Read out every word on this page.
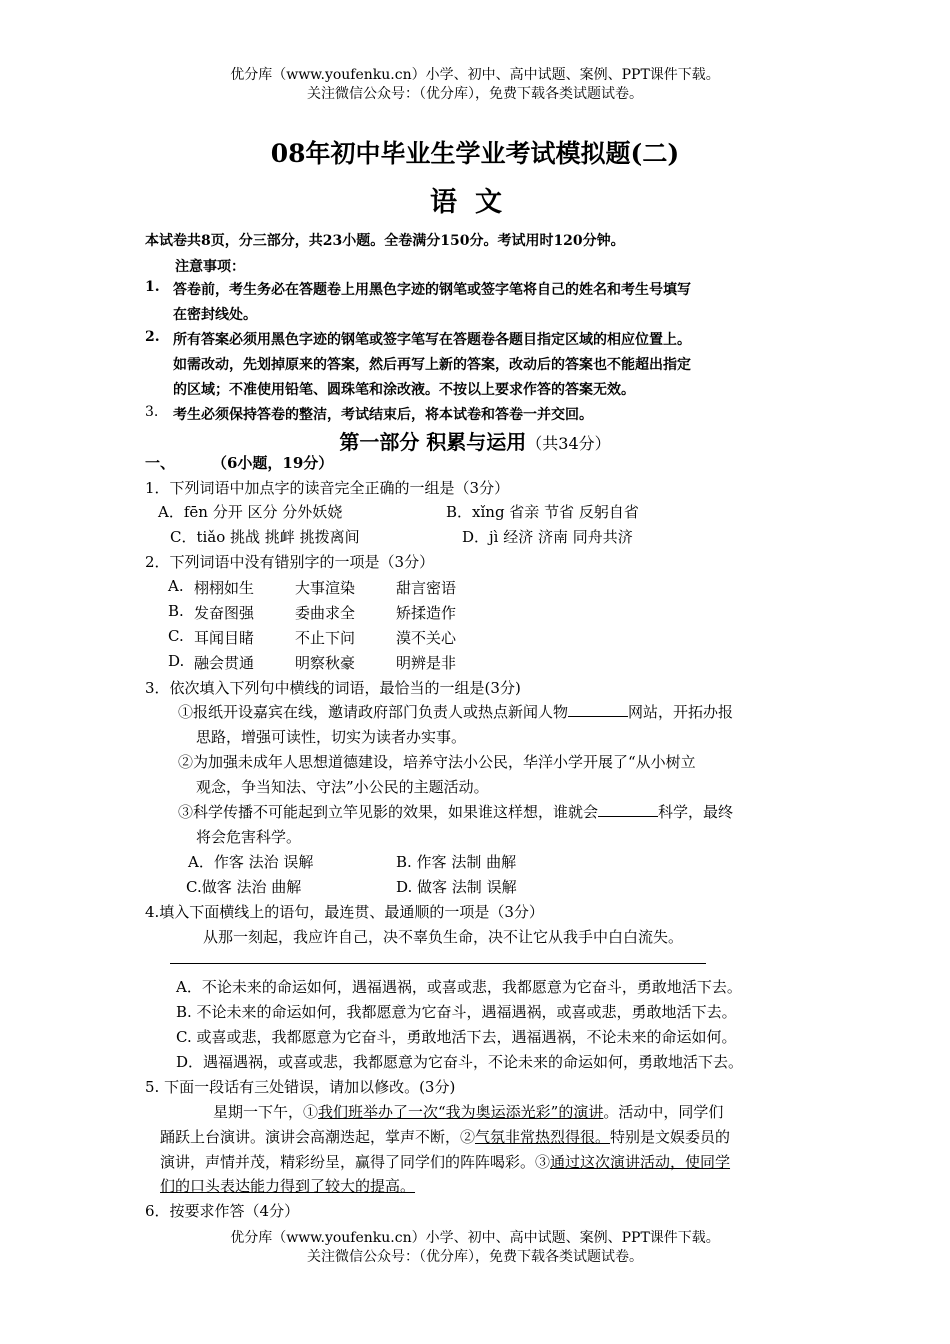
优分库（www.youfenku.cn）小学、初中、高中试题、案例、PPT课件下载。
关注微信公众号：（优分库），免费下载各类试题试卷。
08年初中毕业生学业考试模拟题(二)
语文
本试卷共8页，分三部分，共23小题。全卷满分150分。考试用时120分钟。
注意事项：
1. 答卷前，考生务必在答题卷上用黑色字迹的钢笔或签字笔将自己的姓名和考生号填写
在密封线处。
2. 所有答案必须用黑色字迹的钢笔或签字笔写在答题卷各题目指定区域的相应位置上。
如需改动，先划掉原来的答案，然后再写上新的答案，改动后的答案也不能超出指定
的区域；不准使用铅笔、圆珠笔和涂改液。不按以上要求作答的答案无效。
3. 考生必须保持答卷的整洁，考试结束后，将本试卷和答卷一并交回。
第一部分 积累与运用（共34分）
一、 （6小题，19分）
1．下列词语中加点字的读音完全正确的一组是（3分）
A．fēn 分开 区分 分外妖娆	B．xǐng 省亲 节省 反躬自省
C．tiǎo 挑战 挑衅 挑拨离间	D．jì 经济 济南 同舟共济
2．下列词语中没有错别字的一项是（3分）
A. 栩栩如生	大事渲染	甜言密语
B. 发奋图强	委曲求全	矫揉造作
C. 耳闻目睹	不止下问	漠不关心
D. 融会贯通	明察秋豪	明辨是非
3．依次填入下列句中横线的词语，最恰当的一组是(3分)
①报纸开设嘉宾在线，邀请政府部门负责人或热点新闻人物	网站，开拓办报
思路，增强可读性，切实为读者办实事。
②为加强未成年人思想道德建设，培养守法小公民，华洋小学开展了“从小树立
观念，争当知法、守法”小公民的主题活动。
③科学传播不可能起到立竿见影的效果，如果谁这样想，谁就会	科学，最终
将会危害科学。
A．作客 法治 误解	B. 作客 法制 曲解
C.做客 法治 曲解	D. 做客 法制 误解
4.填入下面横线上的语句，最连贯、最通顺的一项是（3分）
从那一刻起，我应许自己，决不辜负生命，决不让它从我手中白白流失。
A．不论未来的命运如何，遇福遇祸，或喜或悲，我都愿意为它奋斗，勇敢地活下去。
B. 不论未来的命运如何，我都愿意为它奋斗，遇福遇祸，或喜或悲，勇敢地活下去。
C. 或喜或悲，我都愿意为它奋斗，勇敢地活下去，遇福遇祸，不论未来的命运如何。
D．遇福遇祸，或喜或悲，我都愿意为它奋斗，不论未来的命运如何，勇敢地活下去。
5. 下面一段话有三处错误，请加以修改。(3分)
星期一下午，①我们班举办了一次“我为奥运添光彩”的演讲。活动中，同学们
踊跃上台演讲。演讲会高潮迭起，掌声不断，②气氛非常热烈得很。特别是文娱委员的
演讲，声情并茂，精彩纷呈，赢得了同学们的阵阵喝彩。③通过这次演讲活动，使同学
们的口头表达能力得到了较大的提高。
6．按要求作答（4分）
优分库（www.youfenku.cn）小学、初中、高中试题、案例、PPT课件下载。
关注微信公众号：（优分库），免费下载各类试题试卷。
